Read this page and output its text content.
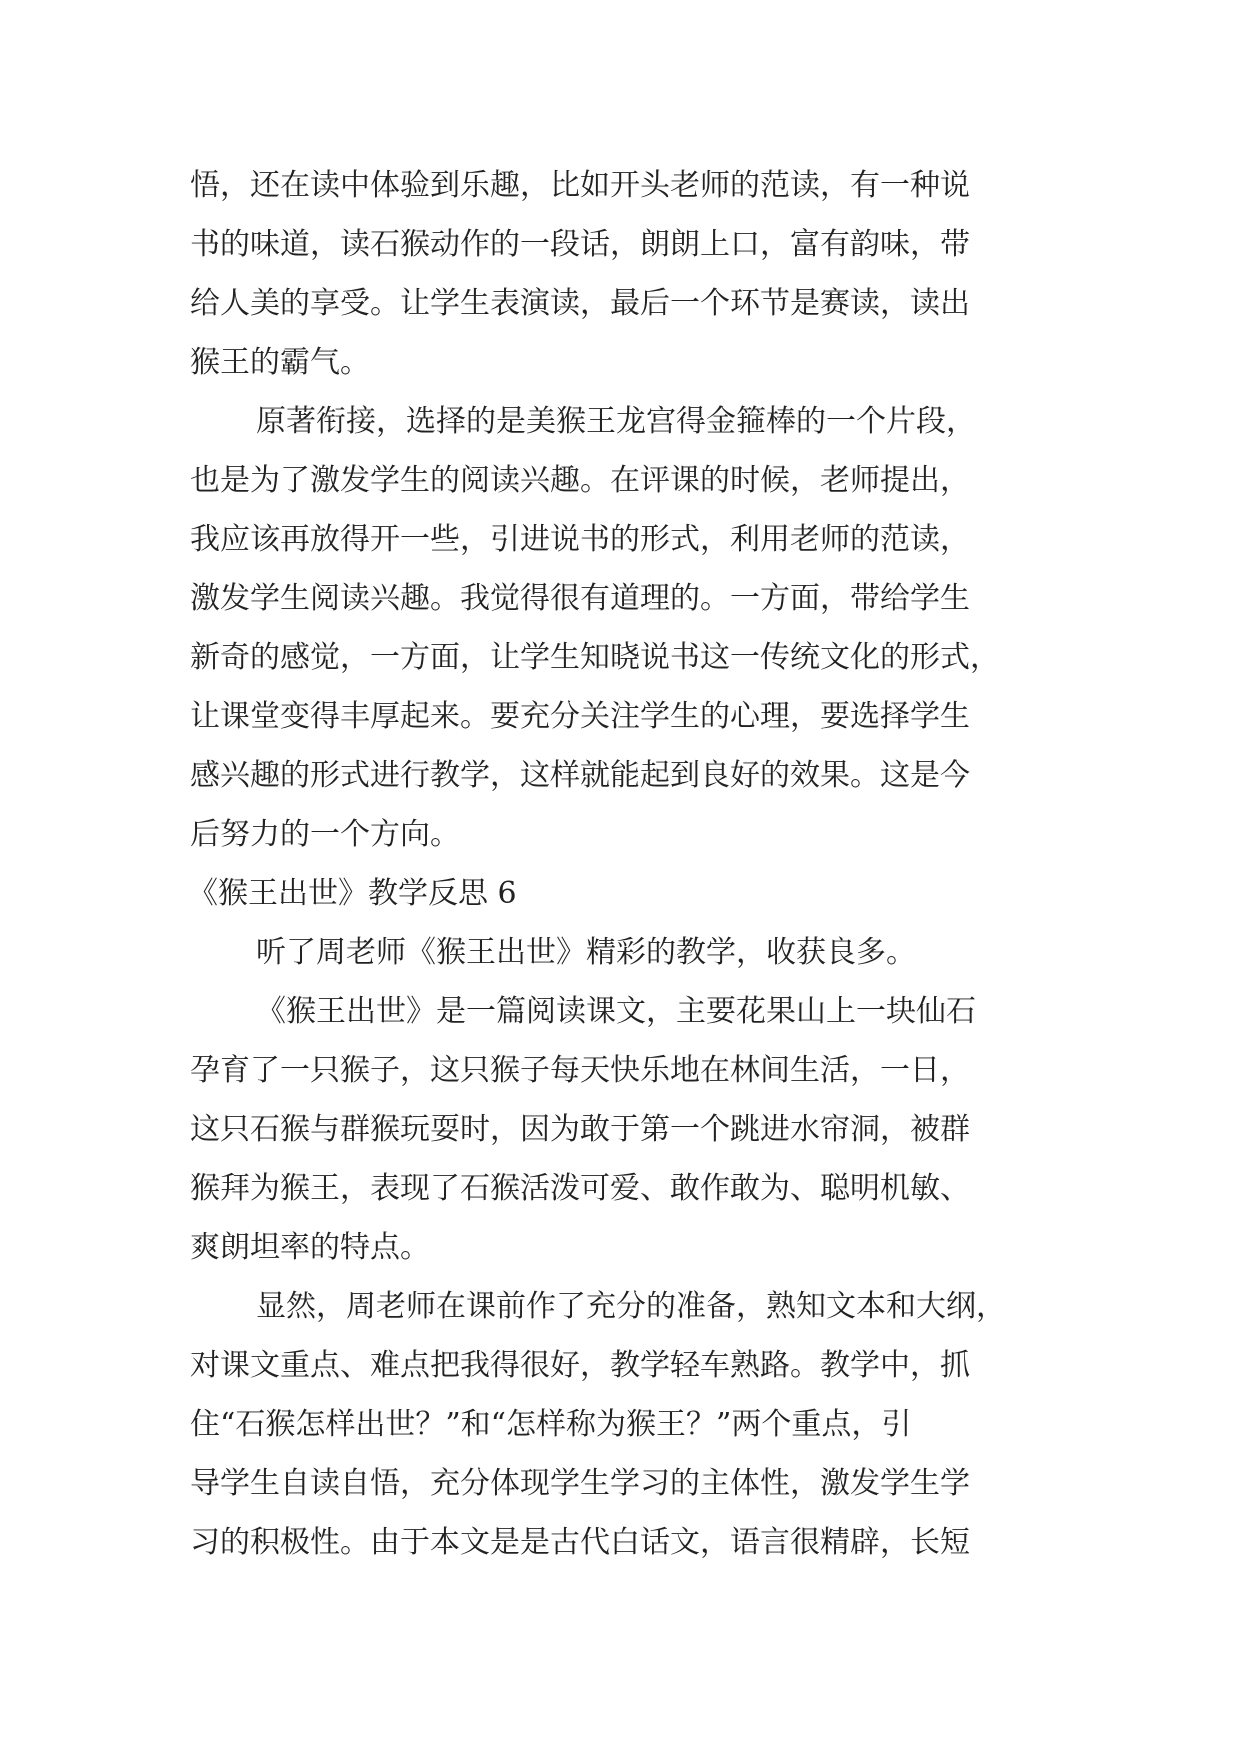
悟，还在读中体验到乐趣，比如开头老师的范读，有一种说

书的味道，读石猴动作的一段话，朗朗上口，富有韵味，带

给人美的享受。让学生表演读，最后一个环节是赛读，读出

猴王的霸气。

原著衔接，选择的是美猴王龙宫得金箍棒的一个片段，

也是为了激发学生的阅读兴趣。在评课的时候，老师提出，

我应该再放得开一些，引进说书的形式，利用老师的范读，

激发学生阅读兴趣。我觉得很有道理的。一方面，带给学生

新奇的感觉，一方面，让学生知晓说书这一传统文化的形式，

让课堂变得丰厚起来。要充分关注学生的心理，要选择学生

感兴趣的形式进行教学，这样就能起到良好的效果。这是今

后努力的一个方向。

《猴王出世》教学反思 6

听了周老师《猴王出世》精彩的教学，收获良多。

《猴王出世》是一篇阅读课文，主要花果山上一块仙石

孕育了一只猴子，这只猴子每天快乐地在林间生活，一日，

这只石猴与群猴玩耍时，因为敢于第一个跳进水帘洞，被群

猴拜为猴王，表现了石猴活泼可爱、敢作敢为、聪明机敏、

爽朗坦率的特点。

显然，周老师在课前作了充分的准备，熟知文本和大纲，

对课文重点、难点把我得很好，教学轻车熟路。教学中，抓

住“石猴怎样出世？”和“怎样称为猴王？”两个重点，引

导学生自读自悟，充分体现学生学习的主体性，激发学生学

习的积极性。由于本文是是古代白话文，语言很精辟，长短
